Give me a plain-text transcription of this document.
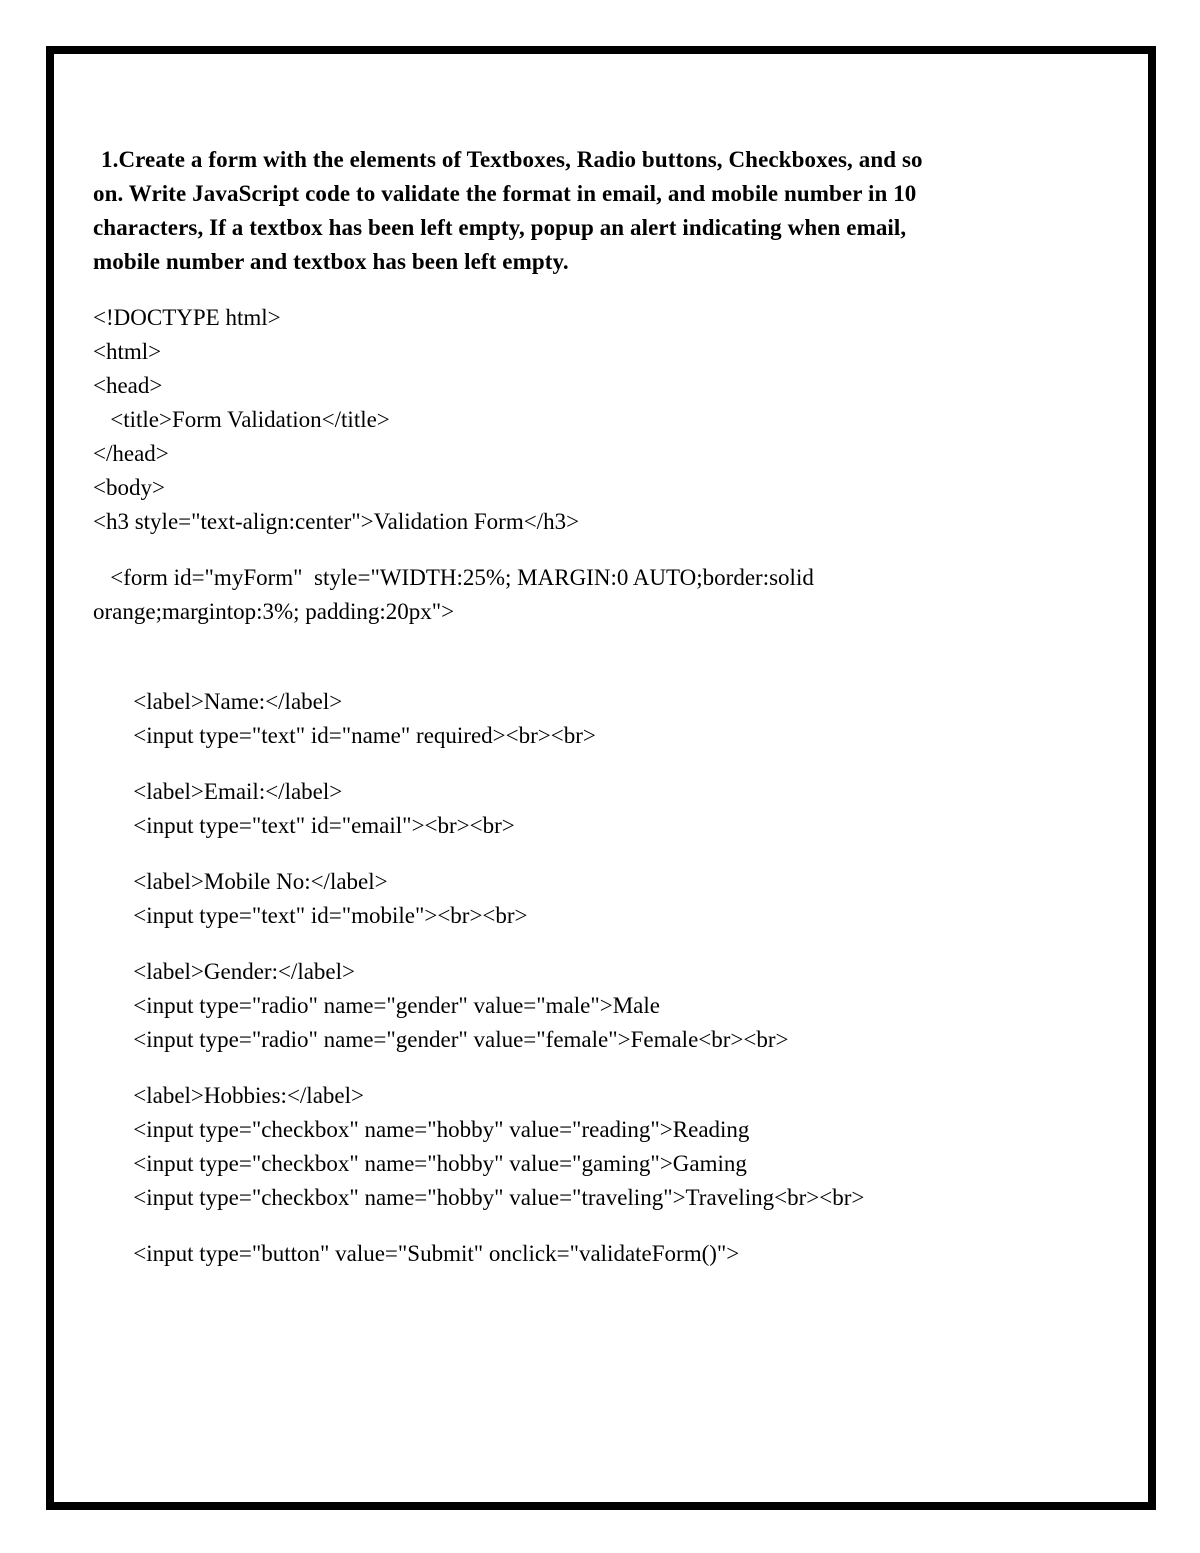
1.Create a form with the elements of Textboxes, Radio buttons, Checkboxes, and so
on. Write JavaScript code to validate the format in email, and mobile number in 10
characters, If a textbox has been left empty, popup an alert indicating when email,
mobile number and textbox has been left empty.
<!DOCTYPE html>
<html>
<head>
<title>Form Validation</title>
</head>
<body>
<h3 style="text-align:center">Validation Form</h3>
<form id="myForm"  style="WIDTH:25%; MARGIN:0 AUTO;border:solid
orange;margintop:3%; padding:20px">
<label>Name:</label>
<input type="text" id="name" required><br><br>
<label>Email:</label>
<input type="text" id="email"><br><br>
<label>Mobile No:</label>
<input type="text" id="mobile"><br><br>
<label>Gender:</label>
<input type="radio" name="gender" value="male">Male
<input type="radio" name="gender" value="female">Female<br><br>
<label>Hobbies:</label>
<input type="checkbox" name="hobby" value="reading">Reading
<input type="checkbox" name="hobby" value="gaming">Gaming
<input type="checkbox" name="hobby" value="traveling">Traveling<br><br>
<input type="button" value="Submit" onclick="validateForm()">
